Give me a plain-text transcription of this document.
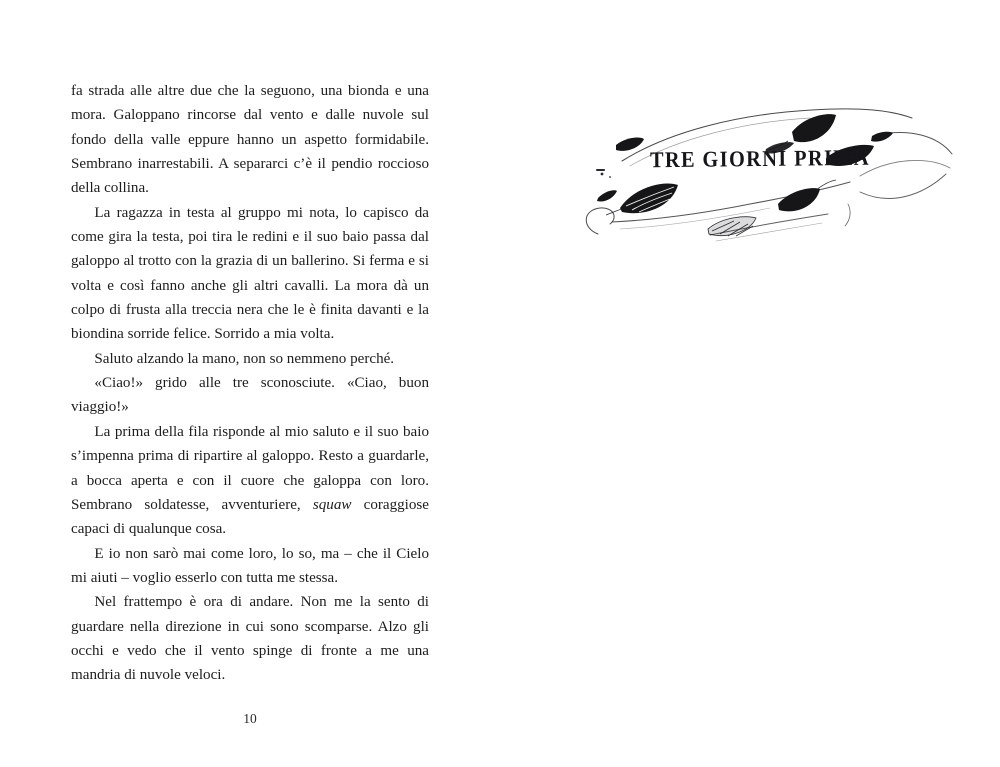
fa strada alle altre due che la seguono, una bionda e una mora. Galoppano rincorse dal vento e dalle nuvole sul fondo della valle eppure hanno un aspetto formidabile. Sembrano inarrestabili. A separarci c’è il pendio roccioso della collina.

La ragazza in testa al gruppo mi nota, lo capisco da come gira la testa, poi tira le redini e il suo baio passa dal galoppo al trotto con la grazia di un ballerino. Si ferma e si volta e così fanno anche gli altri cavalli. La mora dà un colpo di frusta alla treccia nera che le è finita davanti e la biondina sorride felice. Sorrido a mia volta.

Saluto alzando la mano, non so nemmeno perché.

«Ciao!» grido alle tre sconosciute. «Ciao, buon viaggio!»

La prima della fila risponde al mio saluto e il suo baio s’impenna prima di ripartire al galoppo. Resto a guardarle, a bocca aperta e con il cuore che galoppa con loro. Sembrano soldatesse, avventuriere, squaw coraggiose capaci di qualunque cosa.

E io non sarò mai come loro, lo so, ma – che il Cielo mi aiuti – voglio esserlo con tutta me stessa.

Nel frattempo è ora di andare. Non me la sento di guardare nella direzione in cui sono scomparse. Alzo gli occhi e vedo che il vento spinge di fronte a me una mandria di nuvole veloci.

10
TRE GIORNI PRIMA
